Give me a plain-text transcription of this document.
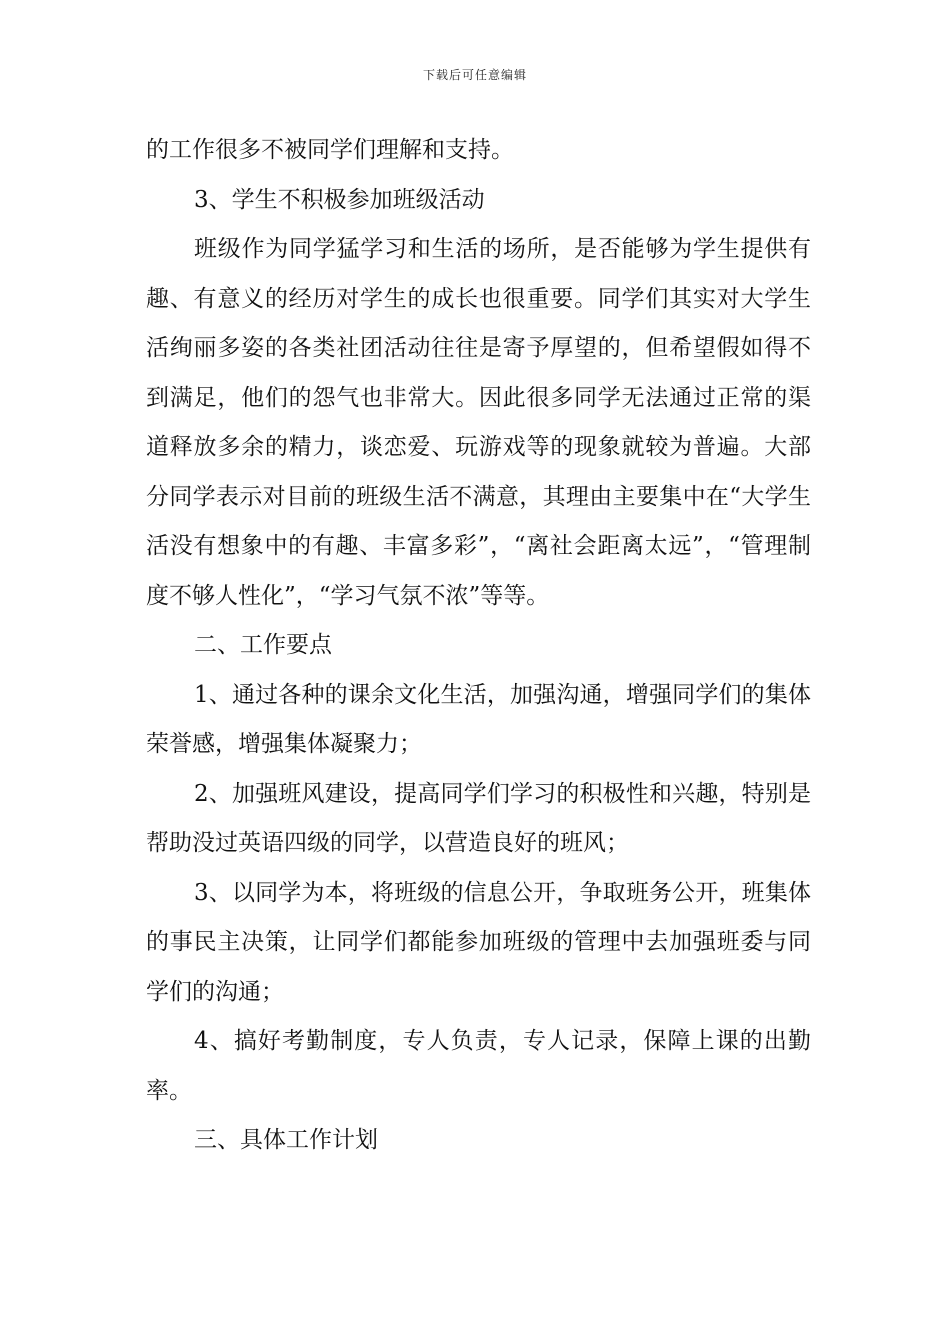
下载后可任意编辑

的工作很多不被同学们理解和支持。

3、学生不积极参加班级活动

班级作为同学猛学习和生活的场所，是否能够为学生提供有趣、有意义的经历对学生的成长也很重要。同学们其实对大学生活绚丽多姿的各类社团活动往往是寄予厚望的，但希望假如得不到满足，他们的怨气也非常大。因此很多同学无法通过正常的渠道释放多余的精力，谈恋爱、玩游戏等的现象就较为普遍。大部分同学表示对目前的班级生活不满意，其理由主要集中在“大学生活没有想象中的有趣、丰富多彩”，“离社会距离太远”，“管理制度不够人性化”，“学习气氛不浓”等等。

二、工作要点

1、通过各种的课余文化生活，加强沟通，增强同学们的集体荣誉感，增强集体凝聚力；

2、加强班风建设，提高同学们学习的积极性和兴趣，特别是帮助没过英语四级的同学，以营造良好的班风；

3、以同学为本，将班级的信息公开，争取班务公开，班集体的事民主决策，让同学们都能参加班级的管理中去加强班委与同学们的沟通；

4、搞好考勤制度，专人负责，专人记录，保障上课的出勤率。

三、具体工作计划
